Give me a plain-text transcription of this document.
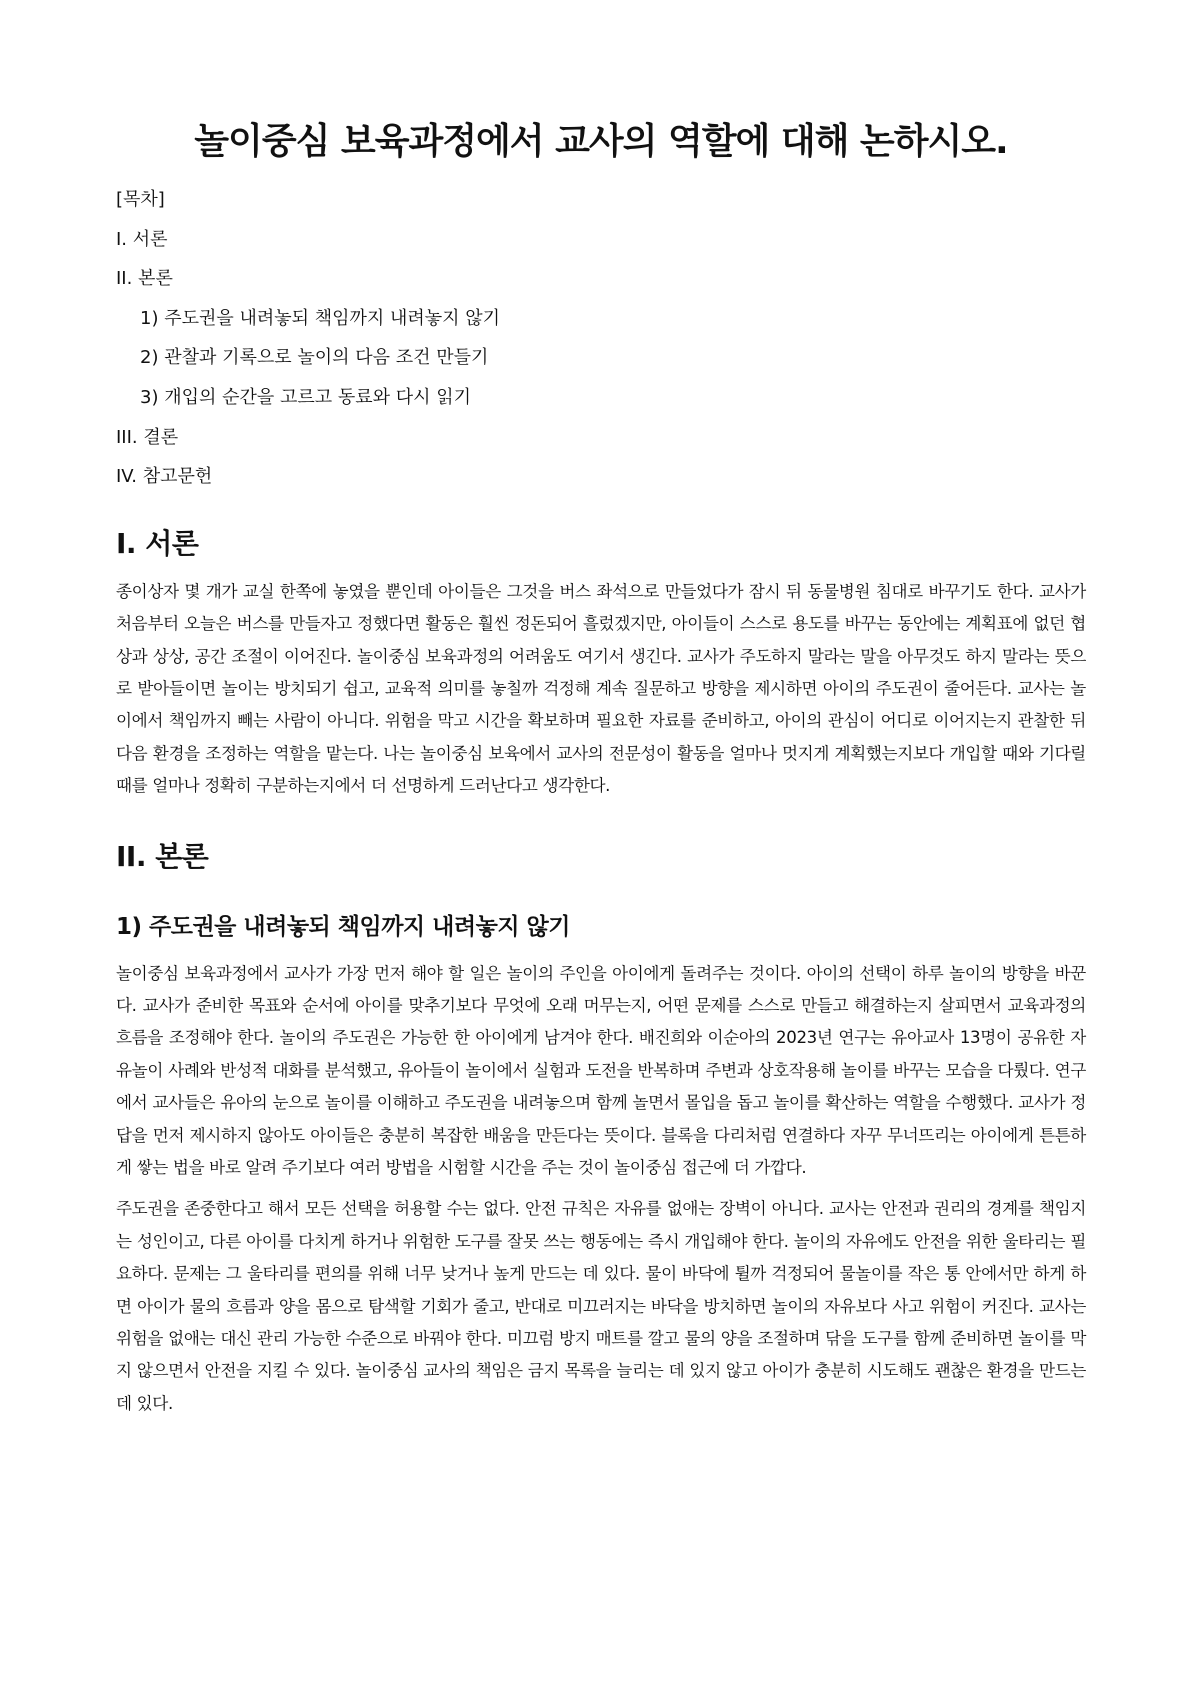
놀이중심 보육과정에서 교사의 역할에 대해 논하시오.
[목차]
I. 서론
II. 본론
1) 주도권을 내려놓되 책임까지 내려놓지 않기
2) 관찰과 기록으로 놀이의 다음 조건 만들기
3) 개입의 순간을 고르고 동료와 다시 읽기
III. 결론
IV. 참고문헌
I. 서론

종이상자 몇 개가 교실 한쪽에 놓였을 뿐인데 아이들은 그것을 버스 좌석으로 만들었다가 잠시 뒤 동물병원 침대로 바꾸기도 한다. 교사가 처음부터 오늘은 버스를 만들자고 정했다면 활동은 훨씬 정돈되어 흘렀겠지만, 아이들이 스스로 용도를 바꾸는 동안에는 계획표에 없던 협상과 상상, 공간 조절이 이어진다. 놀이중심 보육과정의 어려움도 여기서 생긴다. 교사가 주도하지 말라는 말을 아무것도 하지 말라는 뜻으로 받아들이면 놀이는 방치되기 쉽고, 교육적 의미를 놓칠까 걱정해 계속 질문하고 방향을 제시하면 아이의 주도권이 줄어든다. 교사는 놀이에서 책임까지 빼는 사람이 아니다. 위험을 막고 시간을 확보하며 필요한 자료를 준비하고, 아이의 관심이 어디로 이어지는지 관찰한 뒤 다음 환경을 조정하는 역할을 맡는다. 나는 놀이중심 보육에서 교사의 전문성이 활동을 얼마나 멋지게 계획했는지보다 개입할 때와 기다릴 때를 얼마나 정확히 구분하는지에서 더 선명하게 드러난다고 생각한다.

II. 본론
1) 주도권을 내려놓되 책임까지 내려놓지 않기

놀이중심 보육과정에서 교사가 가장 먼저 해야 할 일은 놀이의 주인을 아이에게 돌려주는 것이다. 아이의 선택이 하루 놀이의 방향을 바꾼다. 교사가 준비한 목표와 순서에 아이를 맞추기보다 무엇에 오래 머무는지, 어떤 문제를 스스로 만들고 해결하는지 살피면서 교육과정의 흐름을 조정해야 한다. 놀이의 주도권은 가능한 한 아이에게 남겨야 한다. 배진희와 이순아의 2023년 연구는 유아교사 13명이 공유한 자유놀이 사례와 반성적 대화를 분석했고, 유아들이 놀이에서 실험과 도전을 반복하며 주변과 상호작용해 놀이를 바꾸는 모습을 다뤘다. 연구에서 교사들은 유아의 눈으로 놀이를 이해하고 주도권을 내려놓으며 함께 놀면서 몰입을 돕고 놀이를 확산하는 역할을 수행했다. 교사가 정답을 먼저 제시하지 않아도 아이들은 충분히 복잡한 배움을 만든다는 뜻이다. 블록을 다리처럼 연결하다 자꾸 무너뜨리는 아이에게 튼튼하게 쌓는 법을 바로 알려 주기보다 여러 방법을 시험할 시간을 주는 것이 놀이중심 접근에 더 가깝다.

주도권을 존중한다고 해서 모든 선택을 허용할 수는 없다. 안전 규칙은 자유를 없애는 장벽이 아니다. 교사는 안전과 권리의 경계를 책임지는 성인이고, 다른 아이를 다치게 하거나 위험한 도구를 잘못 쓰는 행동에는 즉시 개입해야 한다. 놀이의 자유에도 안전을 위한 울타리는 필요하다. 문제는 그 울타리를 편의를 위해 너무 낮거나 높게 만드는 데 있다. 물이 바닥에 튈까 걱정되어 물놀이를 작은 통 안에서만 하게 하면 아이가 물의 흐름과 양을 몸으로 탐색할 기회가 줄고, 반대로 미끄러지는 바닥을 방치하면 놀이의 자유보다 사고 위험이 커진다. 교사는 위험을 없애는 대신 관리 가능한 수준으로 바꿔야 한다. 미끄럼 방지 매트를 깔고 물의 양을 조절하며 닦을 도구를 함께 준비하면 놀이를 막지 않으면서 안전을 지킬 수 있다. 놀이중심 교사의 책임은 금지 목록을 늘리는 데 있지 않고 아이가 충분히 시도해도 괜찮은 환경을 만드는 데 있다.
